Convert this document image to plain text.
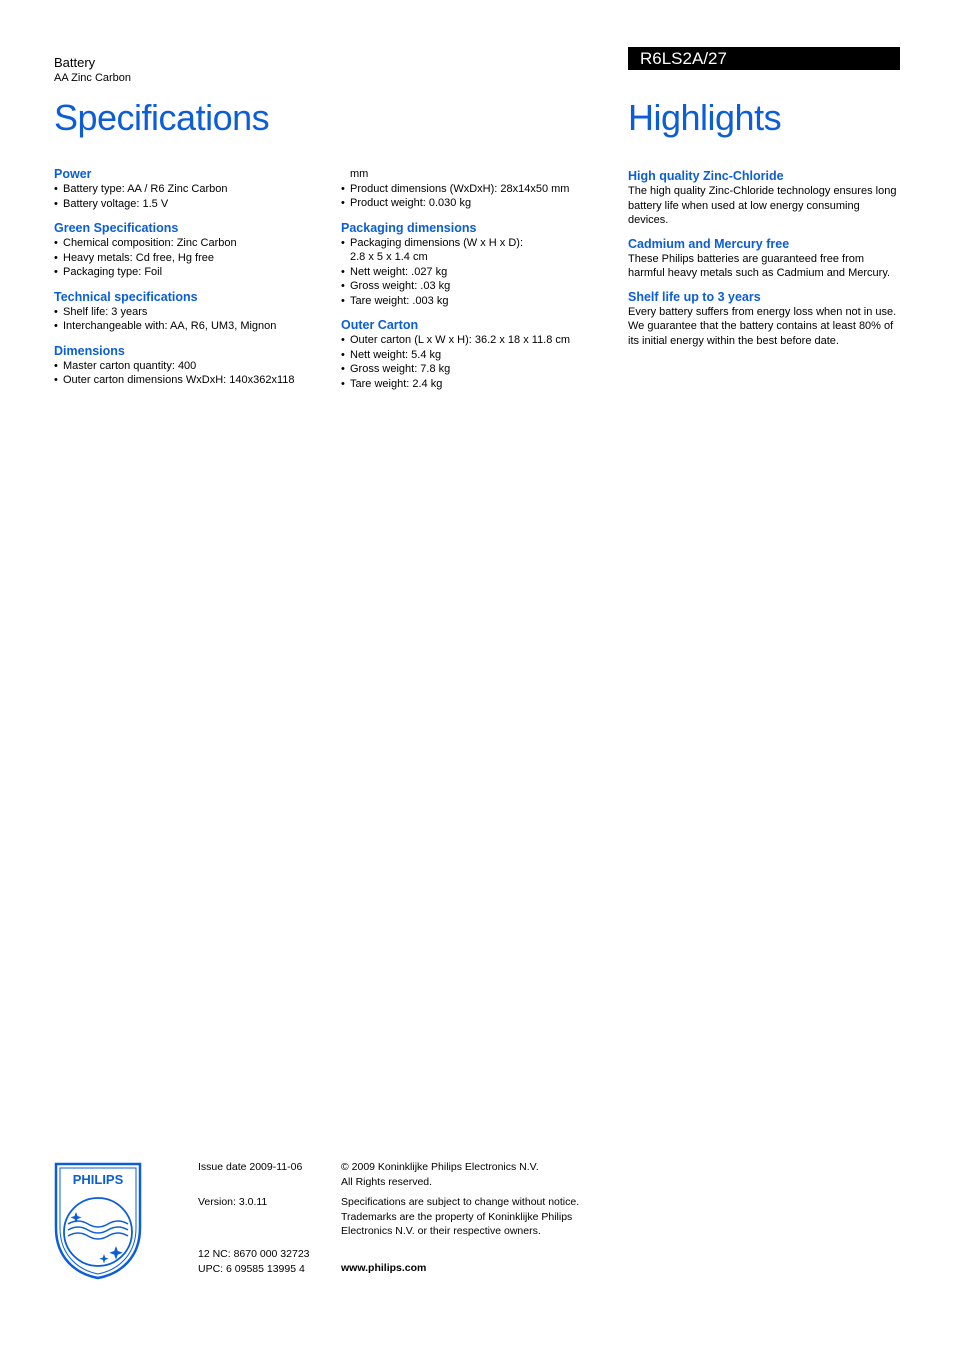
Battery
AA Zinc Carbon
Specifications
R6LS2A/27
Highlights

Power

• Battery type: AA / R6 Zinc Carbon
• Battery voltage: 1.5 V

Green Specifications

• Chemical composition: Zinc Carbon
• Heavy metals: Cd free, Hg free
• Packaging type: Foil

Technical specifications

• Shelf life: 3 years
• Interchangeable with: AA, R6, UM3, Mignon

Dimensions

• Master carton quantity: 400
• Outer carton dimensions WxDxH: 140x362x118
mm
• Product dimensions (WxDxH): 28x14x50 mm
• Product weight: 0.030 kg

Packaging dimensions

• Packaging dimensions (W x H x D):
2.8 x 5 x 1.4 cm
• Nett weight: .027 kg
• Gross weight: .03 kg
• Tare weight: .003 kg

Outer Carton

• Outer carton (L x W x H): 36.2 x 18 x 11.8 cm
• Nett weight: 5.4 kg
• Gross weight: 7.8 kg
• Tare weight: 2.4 kg

High quality Zinc-Chloride

The high quality Zinc-Chloride technology ensures long battery life when used at low energy consuming devices.

Cadmium and Mercury free

These Philips batteries are guaranteed free from harmful heavy metals such as Cadmium and Mercury.

Shelf life up to 3 years

Every battery suffers from energy loss when not in use. We guarantee that the battery contains at least 80% of its initial energy within the best before date.

PHILIPS
Issue date 2009-11-06
Version: 3.0.11
12 NC: 8670 000 32723
UPC: 6 09585 13995 4
© 2009 Koninklijke Philips Electronics N.V.
All Rights reserved.
Specifications are subject to change without notice.
Trademarks are the property of Koninklijke Philips
Electronics N.V. or their respective owners.
www.philips.com
